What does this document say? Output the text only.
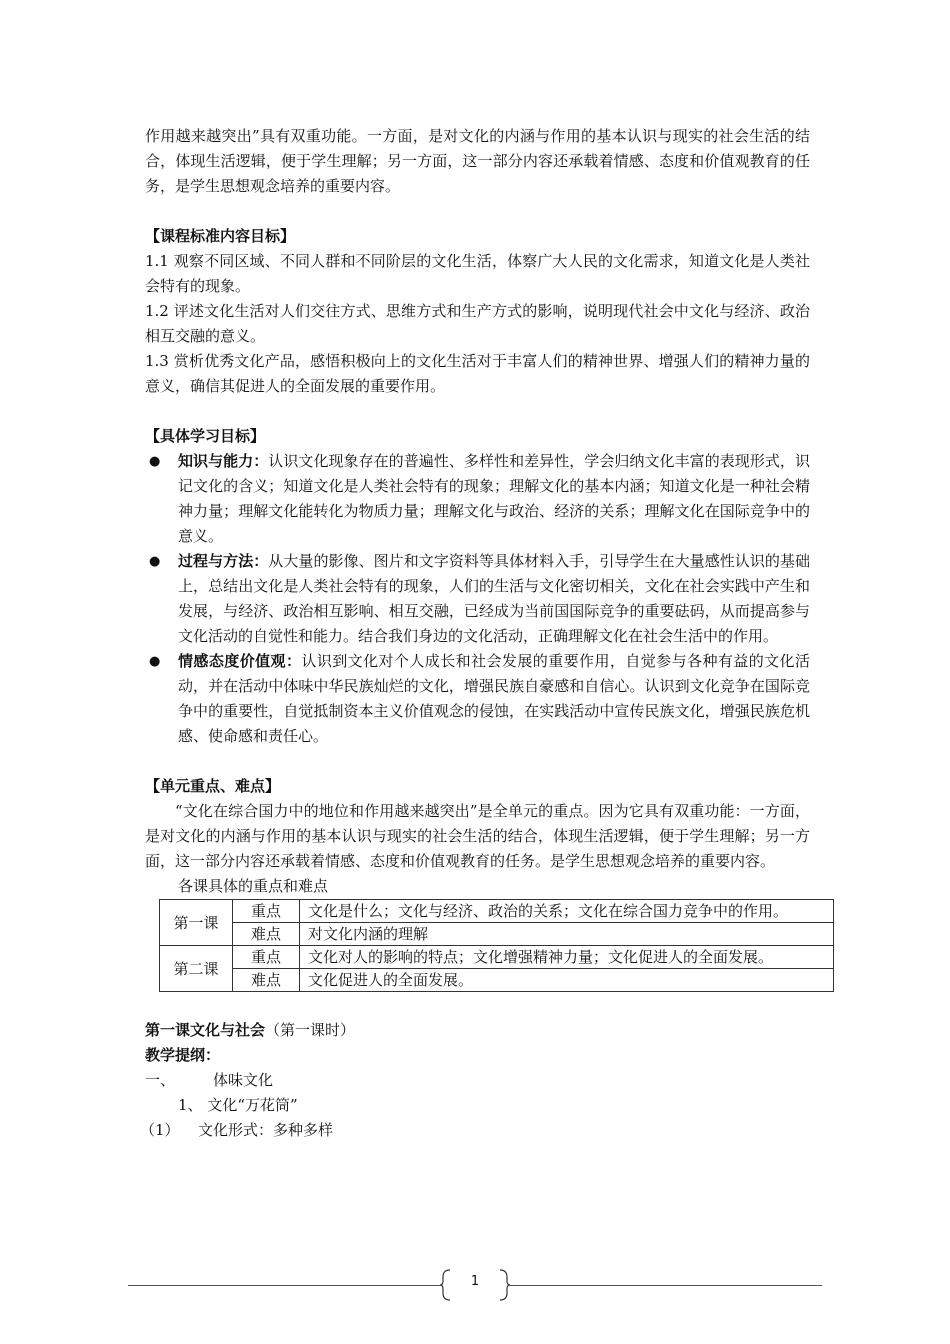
作用越来越突出”具有双重功能。一方面，是对文化的内涵与作用的基本认识与现实的社会生活的结合，体现生活逻辑，便于学生理解；另一方面，这一部分内容还承载着情感、态度和价值观教育的任务，是学生思想观念培养的重要内容。

【课程标准内容目标】

1.1 观察不同区域、不同人群和不同阶层的文化生活，体察广大人民的文化需求，知道文化是人类社会特有的现象。

1.2 评述文化生活对人们交往方式、思维方式和生产方式的影响，说明现代社会中文化与经济、政治相互交融的意义。

1.3 赏析优秀文化产品，感悟积极向上的文化生活对于丰富人们的精神世界、增强人们的精神力量的意义，确信其促进人的全面发展的重要作用。

【具体学习目标】
● 知识与能力：认识文化现象存在的普遍性、多样性和差异性，学会归纳文化丰富的表现形式，识记文化的含义；知道文化是人类社会特有的现象；理解文化的基本内涵；知道文化是一种社会精神力量；理解文化能转化为物质力量；理解文化与政治、经济的关系；理解文化在国际竞争中的意义。
● 过程与方法：从大量的影像、图片和文字资料等具体材料入手，引导学生在大量感性认识的基础上，总结出文化是人类社会特有的现象，人们的生活与文化密切相关，文化在社会实践中产生和发展，与经济、政治相互影响、相互交融，已经成为当前国国际竞争的重要砝码，从而提高参与文化活动的自觉性和能力。结合我们身边的文化活动，正确理解文化在社会生活中的作用。
● 情感态度价值观：认识到文化对个人成长和社会发展的重要作用，自觉参与各种有益的文化活动，并在活动中体味中华民族灿烂的文化，增强民族自豪感和自信心。认识到文化竞争在国际竞争中的重要性，自觉抵制资本主义价值观念的侵蚀，在实践活动中宣传民族文化，增强民族危机感、使命感和责任心。
【单元重点、难点】

“文化在综合国力中的地位和作用越来越突出”是全单元的重点。因为它具有双重功能：一方面，是对文化的内涵与作用的基本认识与现实的社会生活的结合，体现生活逻辑，便于学生理解；另一方面，这一部分内容还承载着情感、态度和价值观教育的任务。是学生思想观念培养的重要内容。

各课具体的重点和难点
第一课	重点	文化是什么；文化与经济、政治的关系；文化在综合国力竞争中的作用。
	难点	对文化内涵的理解
第二课	重点	文化对人的影响的特点；文化增强精神力量；文化促进人的全面发展。
	难点	文化促进人的全面发展。
第一课文化与社会（第一课时）
教学提纲：
一、	体味文化
1、 文化“万花筒”
（1） 文化形式：多种多样
1
